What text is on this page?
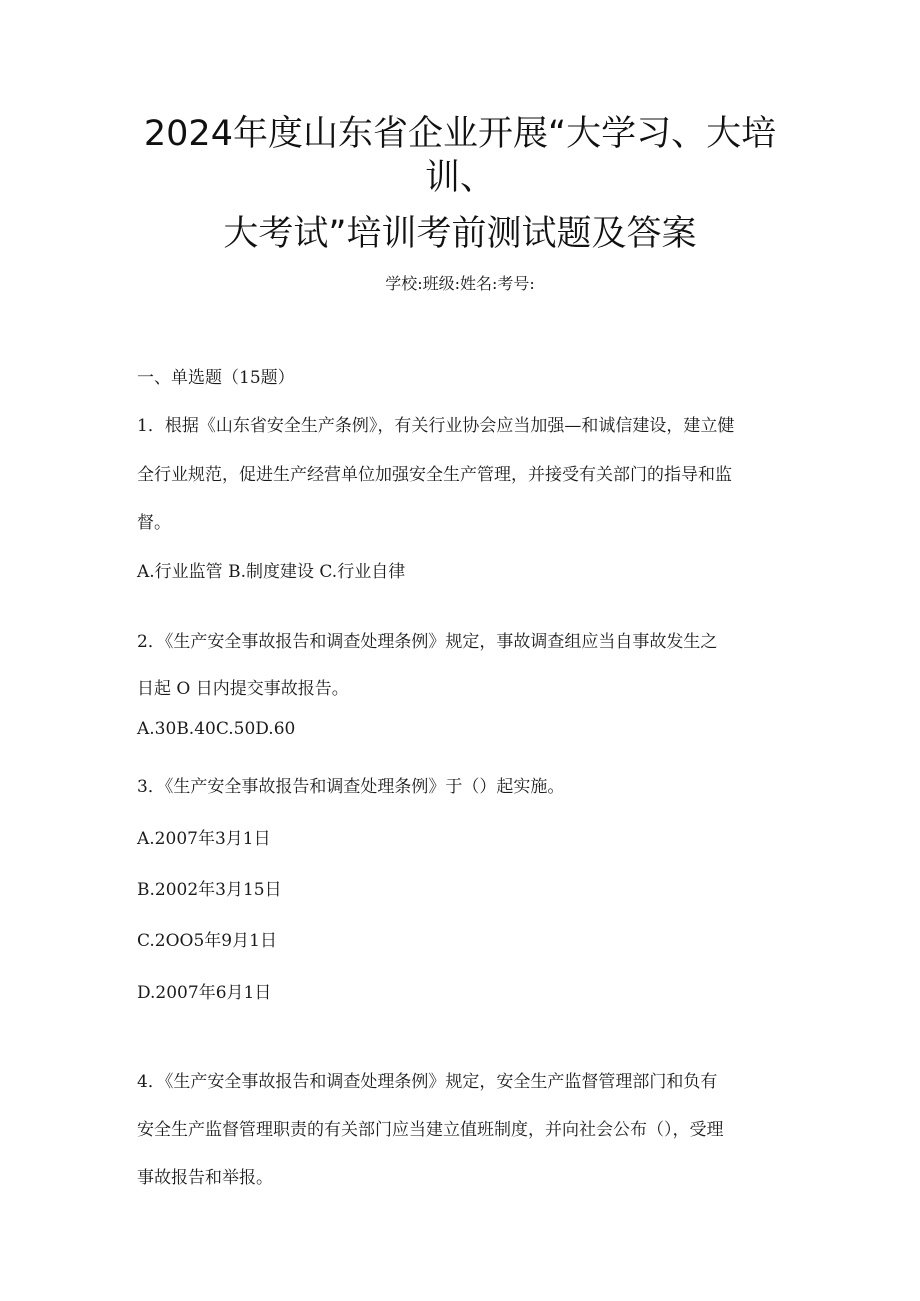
2024年度山东省企业开展“大学习、大培
训、
大考试”培训考前测试题及答案
学校:班级:姓名:考号:
一、单选题（15题）
1．根据《山东省安全生产条例》，有关行业协会应当加强—和诚信建设，建立健
全行业规范，促进生产经营单位加强安全生产管理，并接受有关部门的指导和监
督。
A.行业监管 B.制度建设 C.行业自律
2．《生产安全事故报告和调查处理条例》规定，事故调查组应当自事故发生之
日起 O 日内提交事故报告。
A.30B.40C.50D.60
3．《生产安全事故报告和调查处理条例》于（）起实施。
A.2007年3月1日
B.2002年3月15日
C.2OO5年9月1日
D.2007年6月1日
4．《生产安全事故报告和调查处理条例》规定，安全生产监督管理部门和负有
安全生产监督管理职责的有关部门应当建立值班制度，并向社会公布（），受理
事故报告和举报。
